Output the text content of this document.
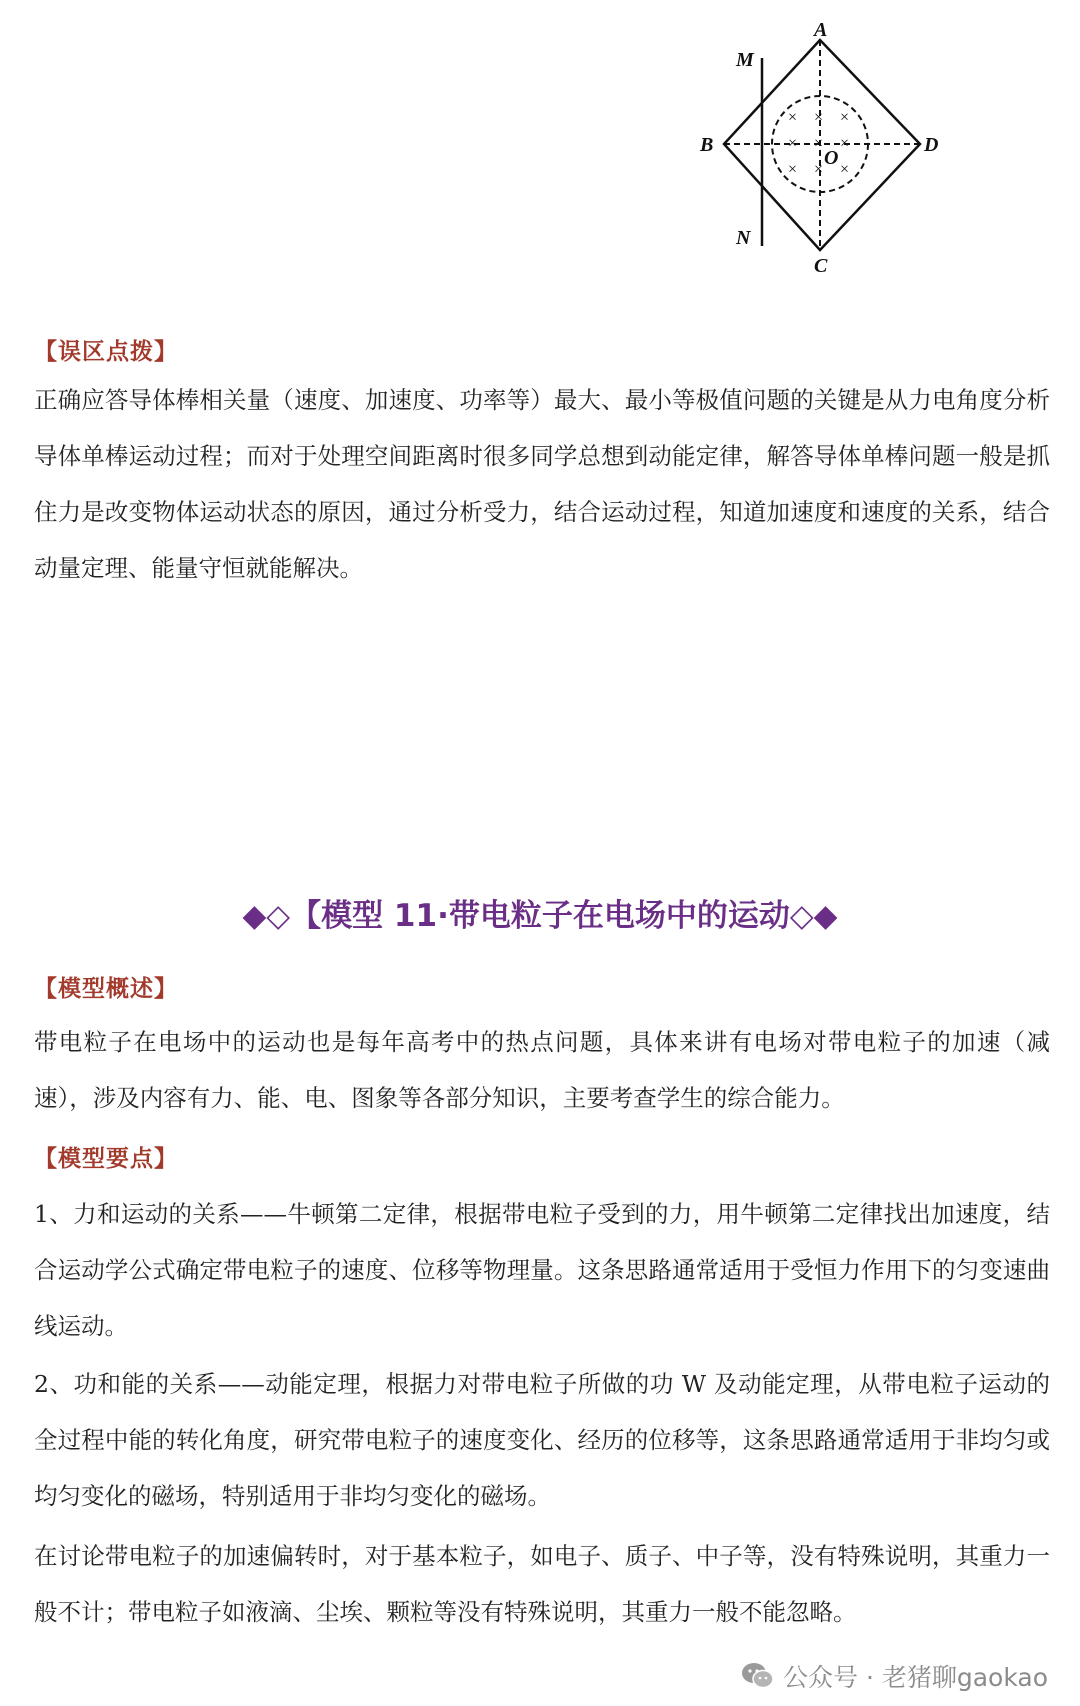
× × ×
× × ×
× × ×
A
B
C
D
O
M
N
【误区点拨】

正确应答导体棒相关量（速度、加速度、功率等）最大、最小等极值问题的关键是从力电角度分析导体单棒运动过程；而对于处理空间距离时很多同学总想到动能定律，解答导体单棒问题一般是抓住力是改变物体运动状态的原因，通过分析受力，结合运动过程，知道加速度和速度的关系，结合动量定理、能量守恒就能解决。

◆◇【模型 11·带电粒子在电场中的运动◇◆
【模型概述】

带电粒子在电场中的运动也是每年高考中的热点问题，具体来讲有电场对带电粒子的加速（减速），涉及内容有力、能、电、图象等各部分知识，主要考查学生的综合能力。

【模型要点】

1、力和运动的关系——牛顿第二定律，根据带电粒子受到的力，用牛顿第二定律找出加速度，结合运动学公式确定带电粒子的速度、位移等物理量。这条思路通常适用于受恒力作用下的匀变速曲线运动。

2、功和能的关系——动能定理，根据力对带电粒子所做的功 W 及动能定理，从带电粒子运动的全过程中能的转化角度，研究带电粒子的速度变化、经历的位移等，这条思路通常适用于非均匀或均匀变化的磁场，特别适用于非均匀变化的磁场。

在讨论带电粒子的加速偏转时，对于基本粒子，如电子、质子、中子等，没有特殊说明，其重力一般不计；带电粒子如液滴、尘埃、颗粒等没有特殊说明，其重力一般不能忽略。

公众号 · 老猪聊gaokao
